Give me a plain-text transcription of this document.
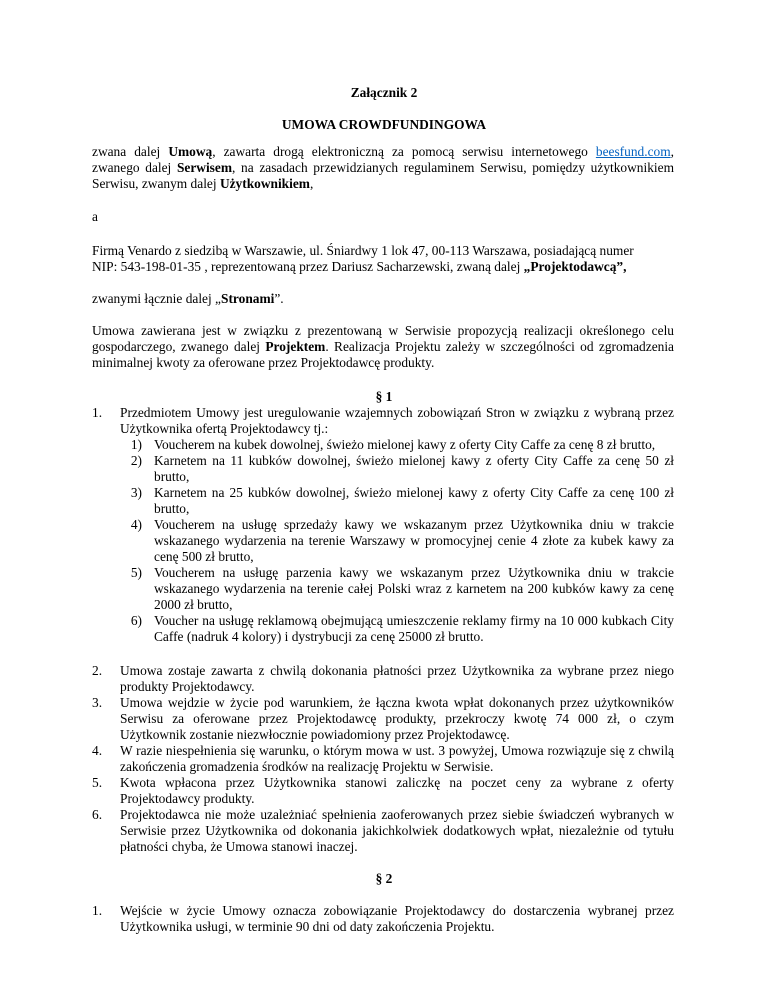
Załącznik 2
UMOWA CROWDFUNDINGOWA
zwana dalej Umową, zawarta drogą elektroniczną za pomocą serwisu internetowego beesfund.com, zwanego dalej Serwisem, na zasadach przewidzianych regulaminem Serwisu, pomiędzy użytkownikiem Serwisu, zwanym dalej Użytkownikiem,
a
Firmą Venardo z siedzibą w Warszawie, ul. Śniardwy 1 lok 47, 00-113 Warszawa, posiadającą numer
NIP: 543-198-01-35 , reprezentowaną przez Dariusz Sacharzewski, zwaną dalej „Projektodawcą”,
zwanymi łącznie dalej „Stronami”.
Umowa zawierana jest w związku z prezentowaną w Serwisie propozycją realizacji określonego celu gospodarczego, zwanego dalej Projektem. Realizacja Projektu zależy w szczególności od zgromadzenia minimalnej kwoty za oferowane przez Projektodawcę produkty.
§ 1
1. Przedmiotem Umowy jest uregulowanie wzajemnych zobowiązań Stron w związku z wybraną przez Użytkownika ofertą Projektodawcy tj.:
1) Voucherem na kubek dowolnej, świeżo mielonej kawy z oferty City Caffe za cenę 8 zł brutto,
2) Karnetem na 11 kubków dowolnej, świeżo mielonej kawy z oferty City Caffe za cenę 50 zł brutto,
3) Karnetem na 25 kubków dowolnej, świeżo mielonej kawy z oferty City Caffe za cenę 100 zł brutto,
4) Voucherem na usługę sprzedaży kawy we wskazanym przez Użytkownika dniu w trakcie wskazanego wydarzenia na terenie Warszawy w promocyjnej cenie 4 złote za kubek kawy za cenę 500 zł brutto,
5) Voucherem na usługę parzenia kawy we wskazanym przez Użytkownika dniu w trakcie wskazanego wydarzenia na terenie całej Polski wraz z karnetem na 200 kubków kawy za cenę 2000 zł brutto,
6) Voucher na usługę reklamową obejmującą umieszczenie reklamy firmy na 10 000 kubkach City Caffe (nadruk 4 kolory) i dystrybucji za cenę 25000 zł brutto.
2. Umowa zostaje zawarta z chwilą dokonania płatności przez Użytkownika za wybrane przez niego produkty Projektodawcy.
3. Umowa wejdzie w życie pod warunkiem, że łączna kwota wpłat dokonanych przez użytkowników Serwisu za oferowane przez Projektodawcę produkty, przekroczy kwotę 74 000 zł, o czym Użytkownik zostanie niezwłocznie powiadomiony przez Projektodawcę.
4. W razie niespełnienia się warunku, o którym mowa w ust. 3 powyżej, Umowa rozwiązuje się z chwilą zakończenia gromadzenia środków na realizację Projektu w Serwisie.
5. Kwota wpłacona przez Użytkownika stanowi zaliczkę na poczet ceny za wybrane z oferty Projektodawcy produkty.
6. Projektodawca nie może uzależniać spełnienia zaoferowanych przez siebie świadczeń wybranych w Serwisie przez Użytkownika od dokonania jakichkolwiek dodatkowych wpłat, niezależnie od tytułu płatności chyba, że Umowa stanowi inaczej.
§ 2
1. Wejście w życie Umowy oznacza zobowiązanie Projektodawcy do dostarczenia wybranej przez Użytkownika usługi, w terminie 90 dni od daty zakończenia Projektu.
